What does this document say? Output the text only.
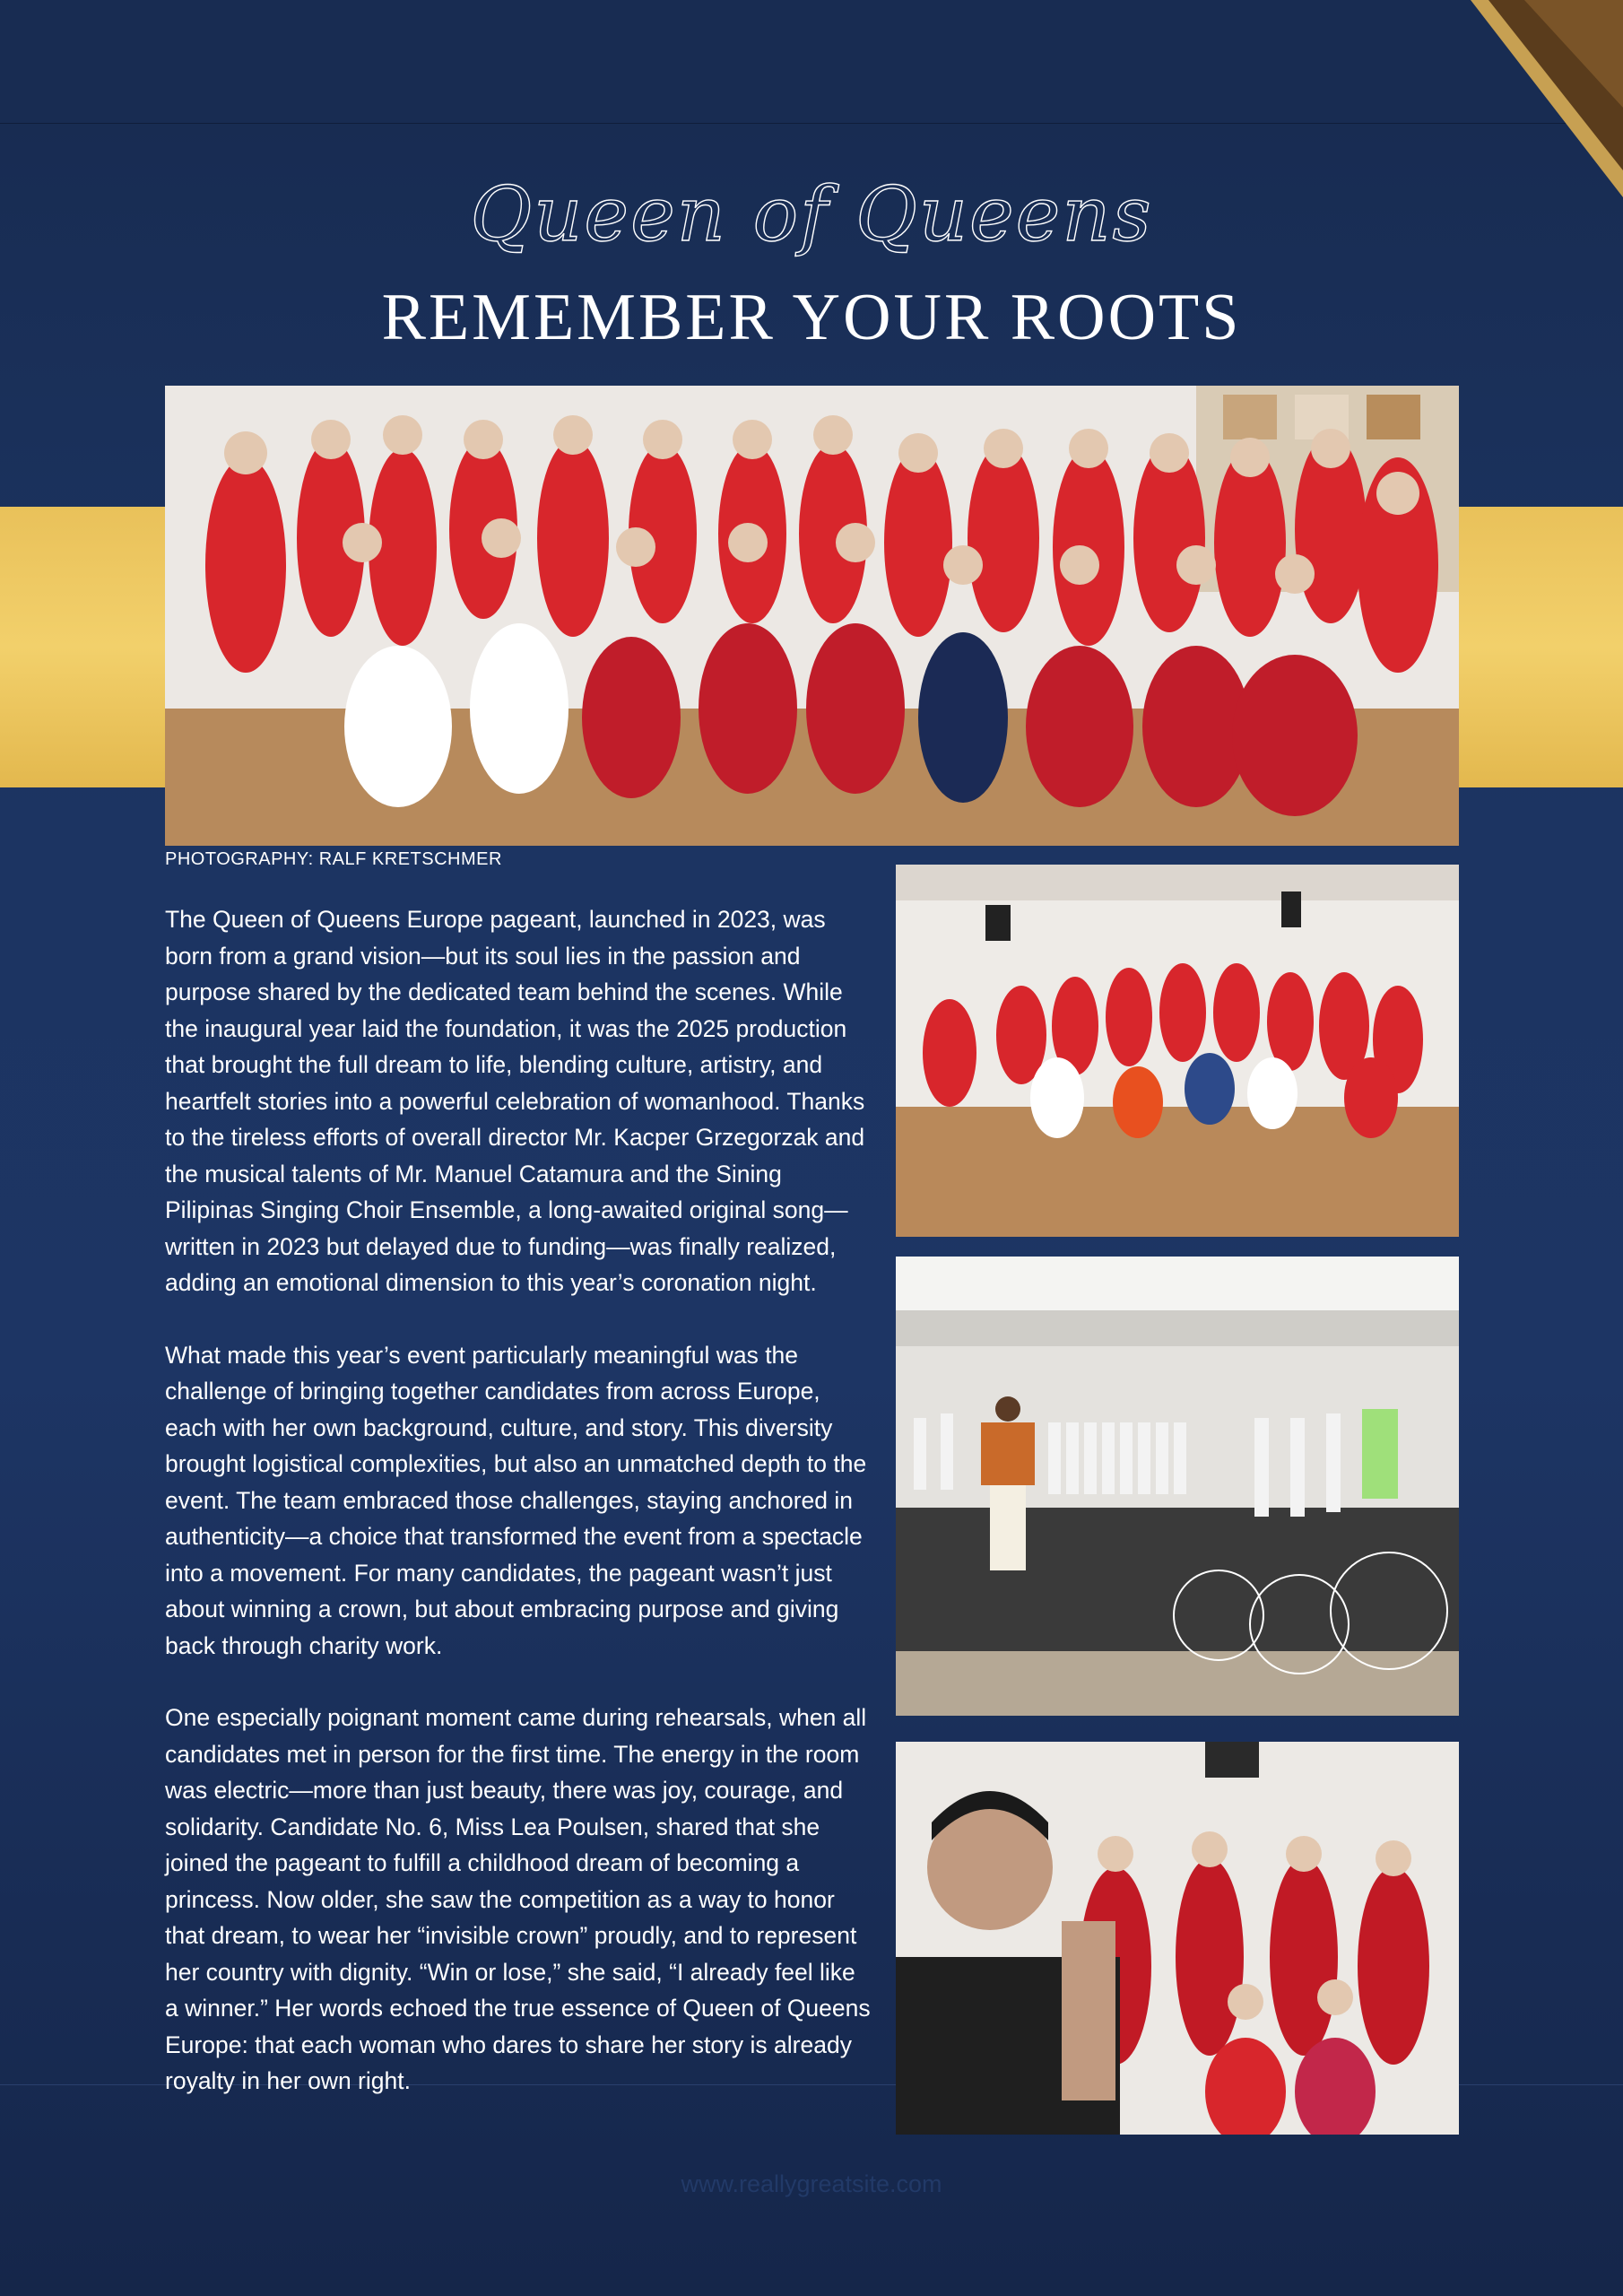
Queen of Queens
REMEMBER YOUR ROOTS
PHOTOGRAPHY: RALF KRETSCHMER

The Queen of Queens Europe pageant, launched in 2023, was born from a grand vision—but its soul lies in the passion and purpose shared by the dedicated team behind the scenes. While the inaugural year laid the foundation, it was the 2025 production that brought the full dream to life, blending culture, artistry, and heartfelt stories into a powerful celebration of womanhood. Thanks to the tireless efforts of overall director Mr. Kacper Grzegorzak and the musical talents of Mr. Manuel Catamura and the Sining Pilipinas Singing Choir Ensemble, a long-awaited original song—written in 2023 but delayed due to funding—was finally realized, adding an emotional dimension to this year’s coronation night.

What made this year’s event particularly meaningful was the challenge of bringing together candidates from across Europe, each with her own background, culture, and story. This diversity brought logistical complexities, but also an unmatched depth to the event. The team embraced those challenges, staying anchored in authenticity—a choice that transformed the event from a spectacle into a movement. For many candidates, the pageant wasn’t just about winning a crown, but about embracing purpose and giving back through charity work.

One especially poignant moment came during rehearsals, when all candidates met in person for the first time. The energy in the room was electric—more than just beauty, there was joy, courage, and solidarity. Candidate No. 6, Miss Lea Poulsen, shared that she joined the pageant to fulfill a childhood dream of becoming a princess. Now older, she saw the competition as a way to honor that dream, to wear her “invisible crown” proudly, and to represent her country with dignity. “Win or lose,” she said, “I already feel like a winner.” Her words echoed the true essence of Queen of Queens Europe: that each woman who dares to share her story is already royalty in her own right.

www.reallygreatsite.com
